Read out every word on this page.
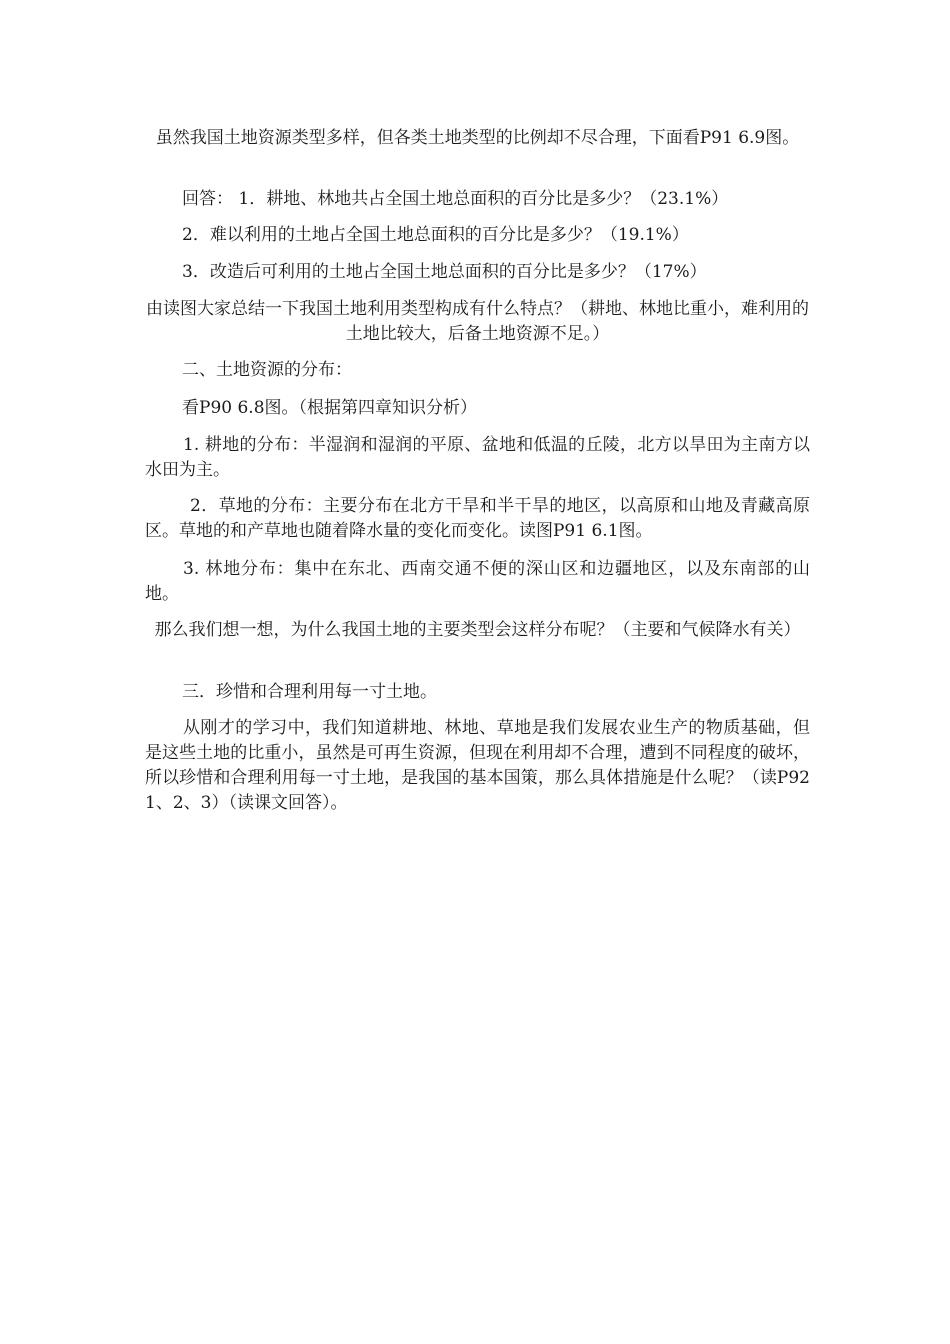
虽然我国土地资源类型多样，但各类土地类型的比例却不尽合理，下面看P91 6.9图。

回答： 1．耕地、林地共占全国土地总面积的百分比是多少？（23.1%）

2．难以利用的土地占全国土地总面积的百分比是多少？（19.1%）

3．改造后可利用的土地占全国土地总面积的百分比是多少？（17%）

由读图大家总结一下我国土地利用类型构成有什么特点？（耕地、林地比重小，难利用的土地比较大，后备土地资源不足。）

二、土地资源的分布：

看P90 6.8图。（根据第四章知识分析）

1. 耕地的分布：半湿润和湿润的平原、盆地和低温的丘陵，北方以旱田为主南方以水田为主。

2．草地的分布：主要分布在北方干旱和半干旱的地区，以高原和山地及青藏高原区。草地的和产草地也随着降水量的变化而变化。读图P91 6.1图。

3. 林地分布：集中在东北、西南交通不便的深山区和边疆地区，以及东南部的山地。

那么我们想一想，为什么我国土地的主要类型会这样分布呢？（主要和气候降水有关）

三．珍惜和合理利用每一寸土地。

从刚才的学习中，我们知道耕地、林地、草地是我们发展农业生产的物质基础，但是这些土地的比重小，虽然是可再生资源，但现在利用却不合理，遭到不同程度的破坏，所以珍惜和合理利用每一寸土地，是我国的基本国策，那么具体措施是什么呢？（读P92 1、2、3）（读课文回答）。
